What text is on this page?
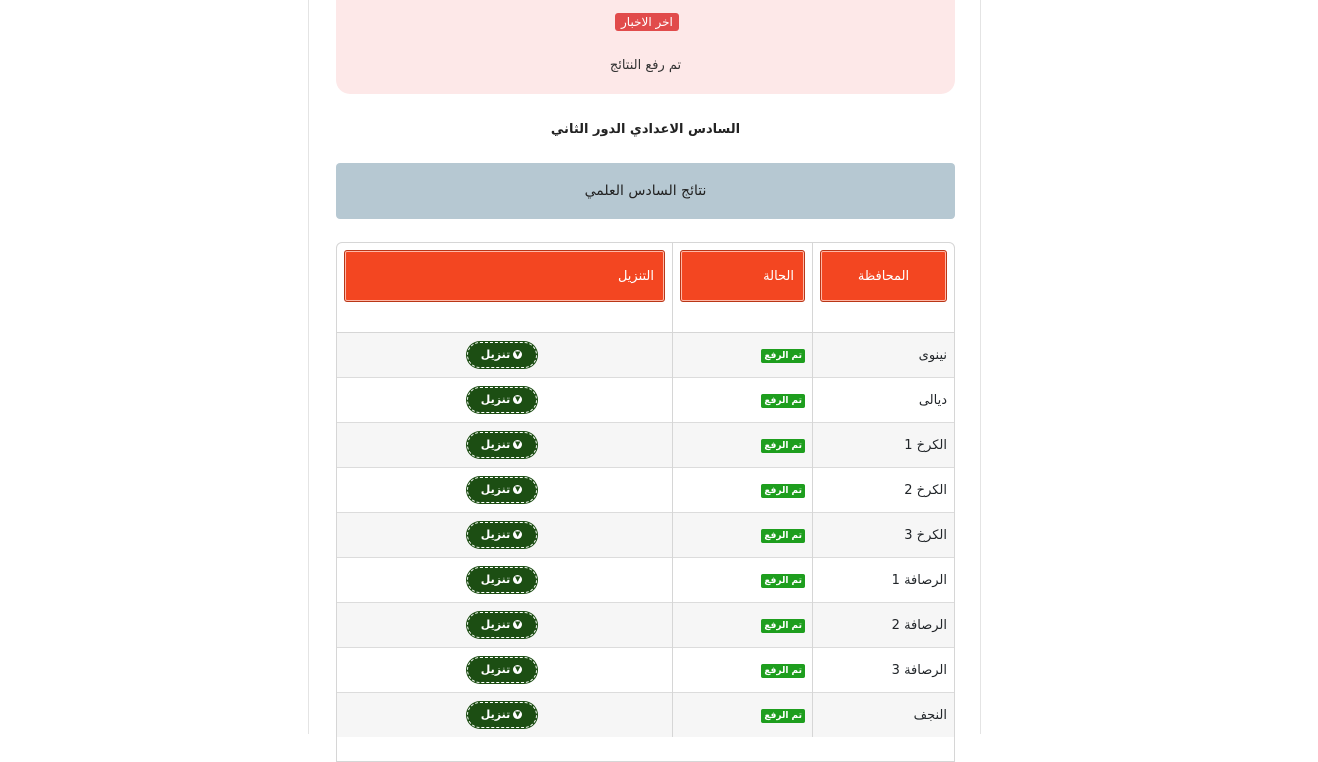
اخر الاخبار
تم رفع النتائج
السادس الاعدادي الدور الثاني
نتائج السادس العلمي
المحافظة	الحالة	التنزيل

نينوى	تم الرفع	▼تنزيل
ديالى	تم الرفع	▼تنزيل
الكرخ 1	تم الرفع	▼تنزيل
الكرخ 2	تم الرفع	▼تنزيل
الكرخ 3	تم الرفع	▼تنزيل
الرصافة 1	تم الرفع	▼تنزيل
الرصافة 2	تم الرفع	▼تنزيل
الرصافة 3	تم الرفع	▼تنزيل
النجف	تم الرفع	▼تنزيل
